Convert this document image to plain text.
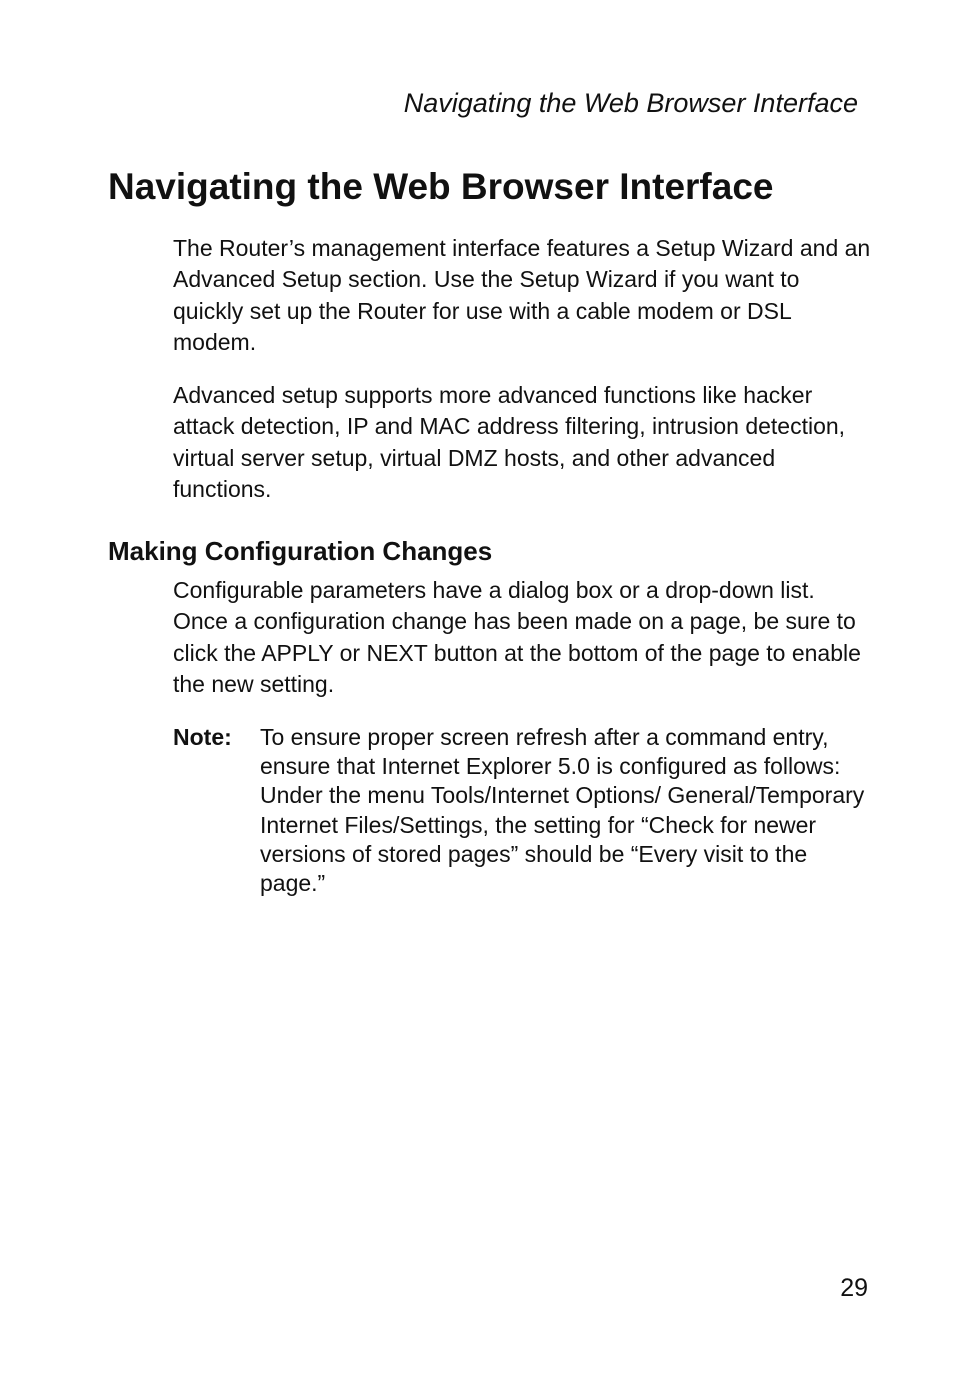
Navigating the Web Browser Interface
Navigating the Web Browser Interface

The Router’s management interface features a Setup Wizard and an Advanced Setup section. Use the Setup Wizard if you want to quickly set up the Router for use with a cable modem or DSL modem.

Advanced setup supports more advanced functions like hacker attack detection, IP and MAC address filtering, intrusion detection, virtual server setup, virtual DMZ hosts, and other advanced functions.

Making Configuration Changes

Configurable parameters have a dialog box or a drop-down list. Once a configuration change has been made on a page, be sure to click the APPLY or NEXT button at the bottom of the page to enable the new setting.

Note:	To ensure proper screen refresh after a command entry, ensure that Internet Explorer 5.0 is configured as follows: Under the menu Tools/Internet Options/ General/Temporary Internet Files/Settings, the setting for “Check for newer versions of stored pages” should be “Every visit to the page.”
29
